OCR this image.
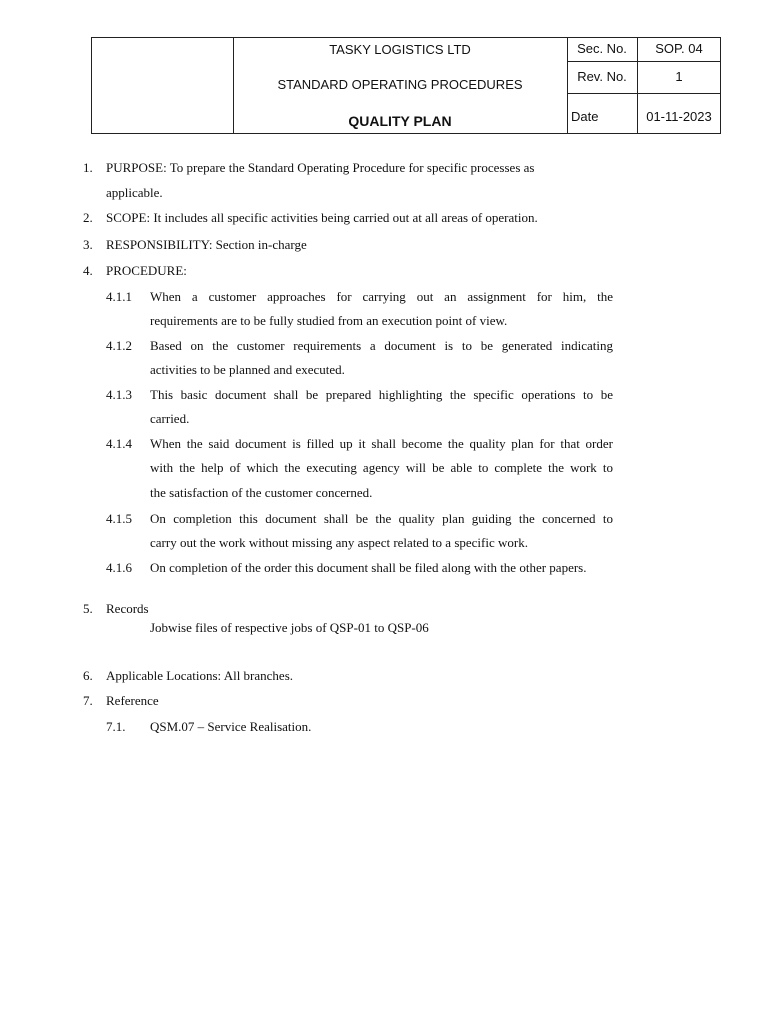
TASKY LOGISTICS LTD
STANDARD OPERATING PROCEDURES
QUALITY PLAN
Sec. No.	SOP. 04
Rev. No.	1
Date	01-11-2023
1. PURPOSE: To prepare the Standard Operating Procedure for specific processes as
applicable.
2. SCOPE: It includes all specific activities being carried out at all areas of operation.
3. RESPONSIBILITY: Section in-charge
4. PROCEDURE:
4.1.1 When a customer approaches for carrying out an assignment for him, the
requirements are to be fully studied from an execution point of view.
4.1.2 Based on the customer requirements a document is to be generated indicating
activities to be planned and executed.
4.1.3 This basic document shall be prepared highlighting the specific operations to be
carried.
4.1.4 When the said document is filled up it shall become the quality plan for that order
with the help of which the executing agency will be able to complete the work to
the satisfaction of the customer concerned.
4.1.5 On completion this document shall be the quality plan guiding the concerned to
carry out the work without missing any aspect related to a specific work.
4.1.6 On completion of the order this document shall be filed along with the other papers.
5. Records
Jobwise files of respective jobs of QSP-01 to QSP-06
6. Applicable Locations: All branches.
7. Reference
7.1. QSM.07 – Service Realisation.
